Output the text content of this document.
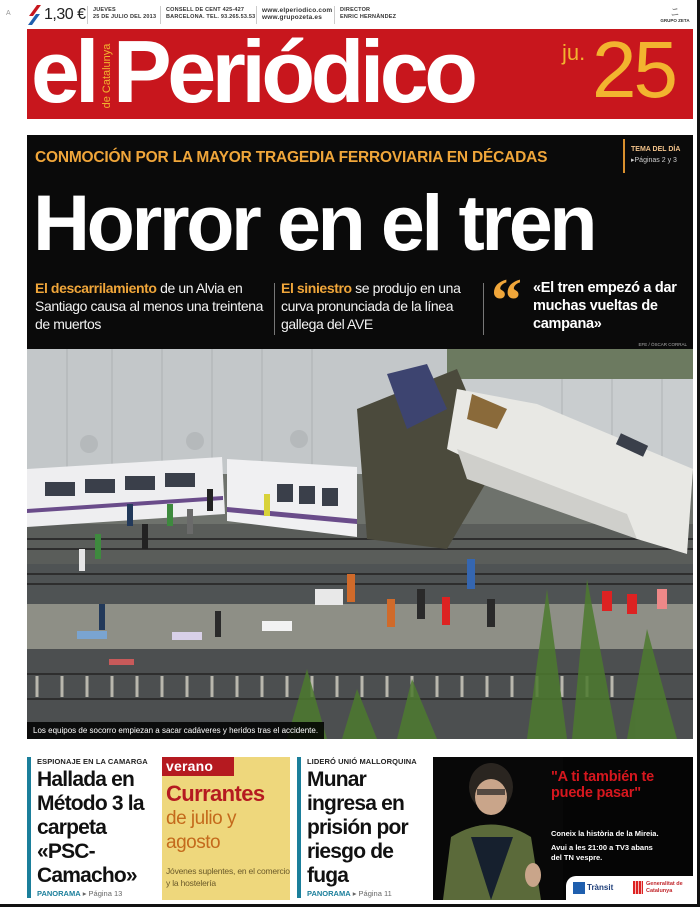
A 1,30 € JUEVES
25 DE JULIO DEL 2013
CONSELL DE CENT 425-427
BARCELONA. TEL. 93.265.53.53
www.elperiodico.com
www.grupozeta.es
DIRECTOR
ENRIC HERNÀNDEZ	ﾆ
GRUPO ZETA
el de Catalunya Periódico	ju. 25
CONMOCIÓN POR LA MAYOR TRAGEDIA FERROVIARIA EN DÉCADAS	TEMA DEL DÍA
▸Páginas 2 y 3
Horror en el tren
El descarrilamiento de un Alvia en Santiago causa al menos una treintena de muertos
El siniestro se produjo en una curva pronunciada de la línea gallega del AVE	“ «El tren empezó a dar muchas vueltas de campana»
EFE / ÓSCAR CORRAL
Los equipos de socorro empiezan a sacar cadáveres y heridos tras el accidente.
ESPIONAJE EN LA CAMARGA
Hallada en Método 3 la carpeta «PSC-Camacho»
PANORAMA ▸ Página 13
verano
Currantes
de julio y agosto
Jóvenes suplentes, en el comercio y la hostelería
LIDERÓ UNIÓ MALLORQUINA
Munar ingresa en prisión por riesgo de fuga
PANORAMA ▸ Página 11
"A ti también te puede pasar"
Coneix la història de la Mireia.
Avui a les 21:00 a TV3 abans del TN vespre.
Trànsit	Generalitat de Catalunya
